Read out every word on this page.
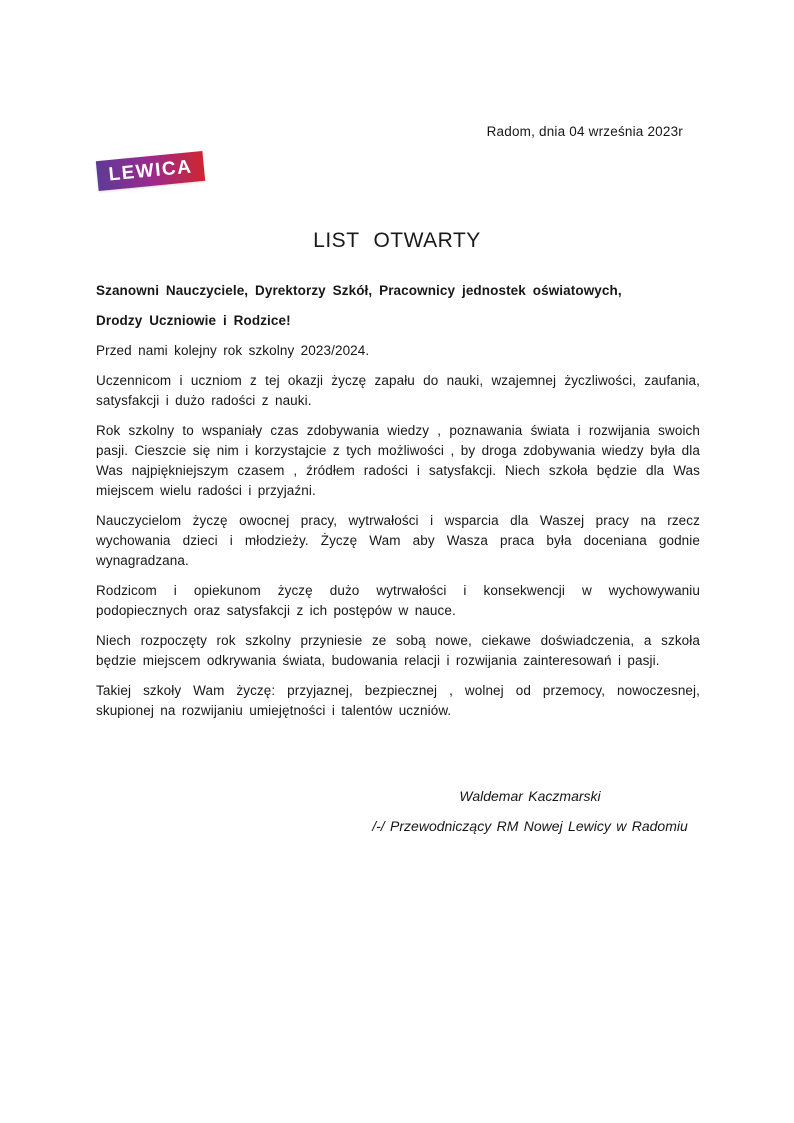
Radom, dnia 04 września 2023r
LEWICA
LIST OTWARTY

Szanowni Nauczyciele, Dyrektorzy Szkół, Pracownicy jednostek oświatowych,

Drodzy Uczniowie i Rodzice!

Przed nami kolejny rok szkolny 2023/2024.

Uczennicom i uczniom z tej okazji życzę zapału do nauki, wzajemnej życzliwości, zaufania, satysfakcji i dużo radości z nauki.

Rok szkolny to wspaniały czas zdobywania wiedzy , poznawania świata i rozwijania swoich pasji. Cieszcie się nim i korzystajcie z tych możliwości , by droga zdobywania wiedzy była dla Was najpiękniejszym czasem , źródłem radości i satysfakcji. Niech szkoła będzie dla Was miejscem wielu radości i przyjaźni.

Nauczycielom życzę owocnej pracy, wytrwałości i wsparcia dla Waszej pracy na rzecz wychowania dzieci i młodzieży. Życzę Wam aby Wasza praca była doceniana godnie wynagradzana.

Rodzicom i opiekunom życzę dużo wytrwałości i konsekwencji w wychowywaniu podopiecznych oraz satysfakcji z ich postępów w nauce.

Niech rozpoczęty rok szkolny przyniesie ze sobą nowe, ciekawe doświadczenia, a szkoła będzie miejscem odkrywania świata, budowania relacji i rozwijania zainteresowań i pasji.

Takiej szkoły Wam życzę: przyjaznej, bezpiecznej , wolnej od przemocy, nowoczesnej, skupionej na rozwijaniu umiejętności i talentów uczniów.

Waldemar Kaczmarski
/-/ Przewodniczący RM Nowej Lewicy w Radomiu
